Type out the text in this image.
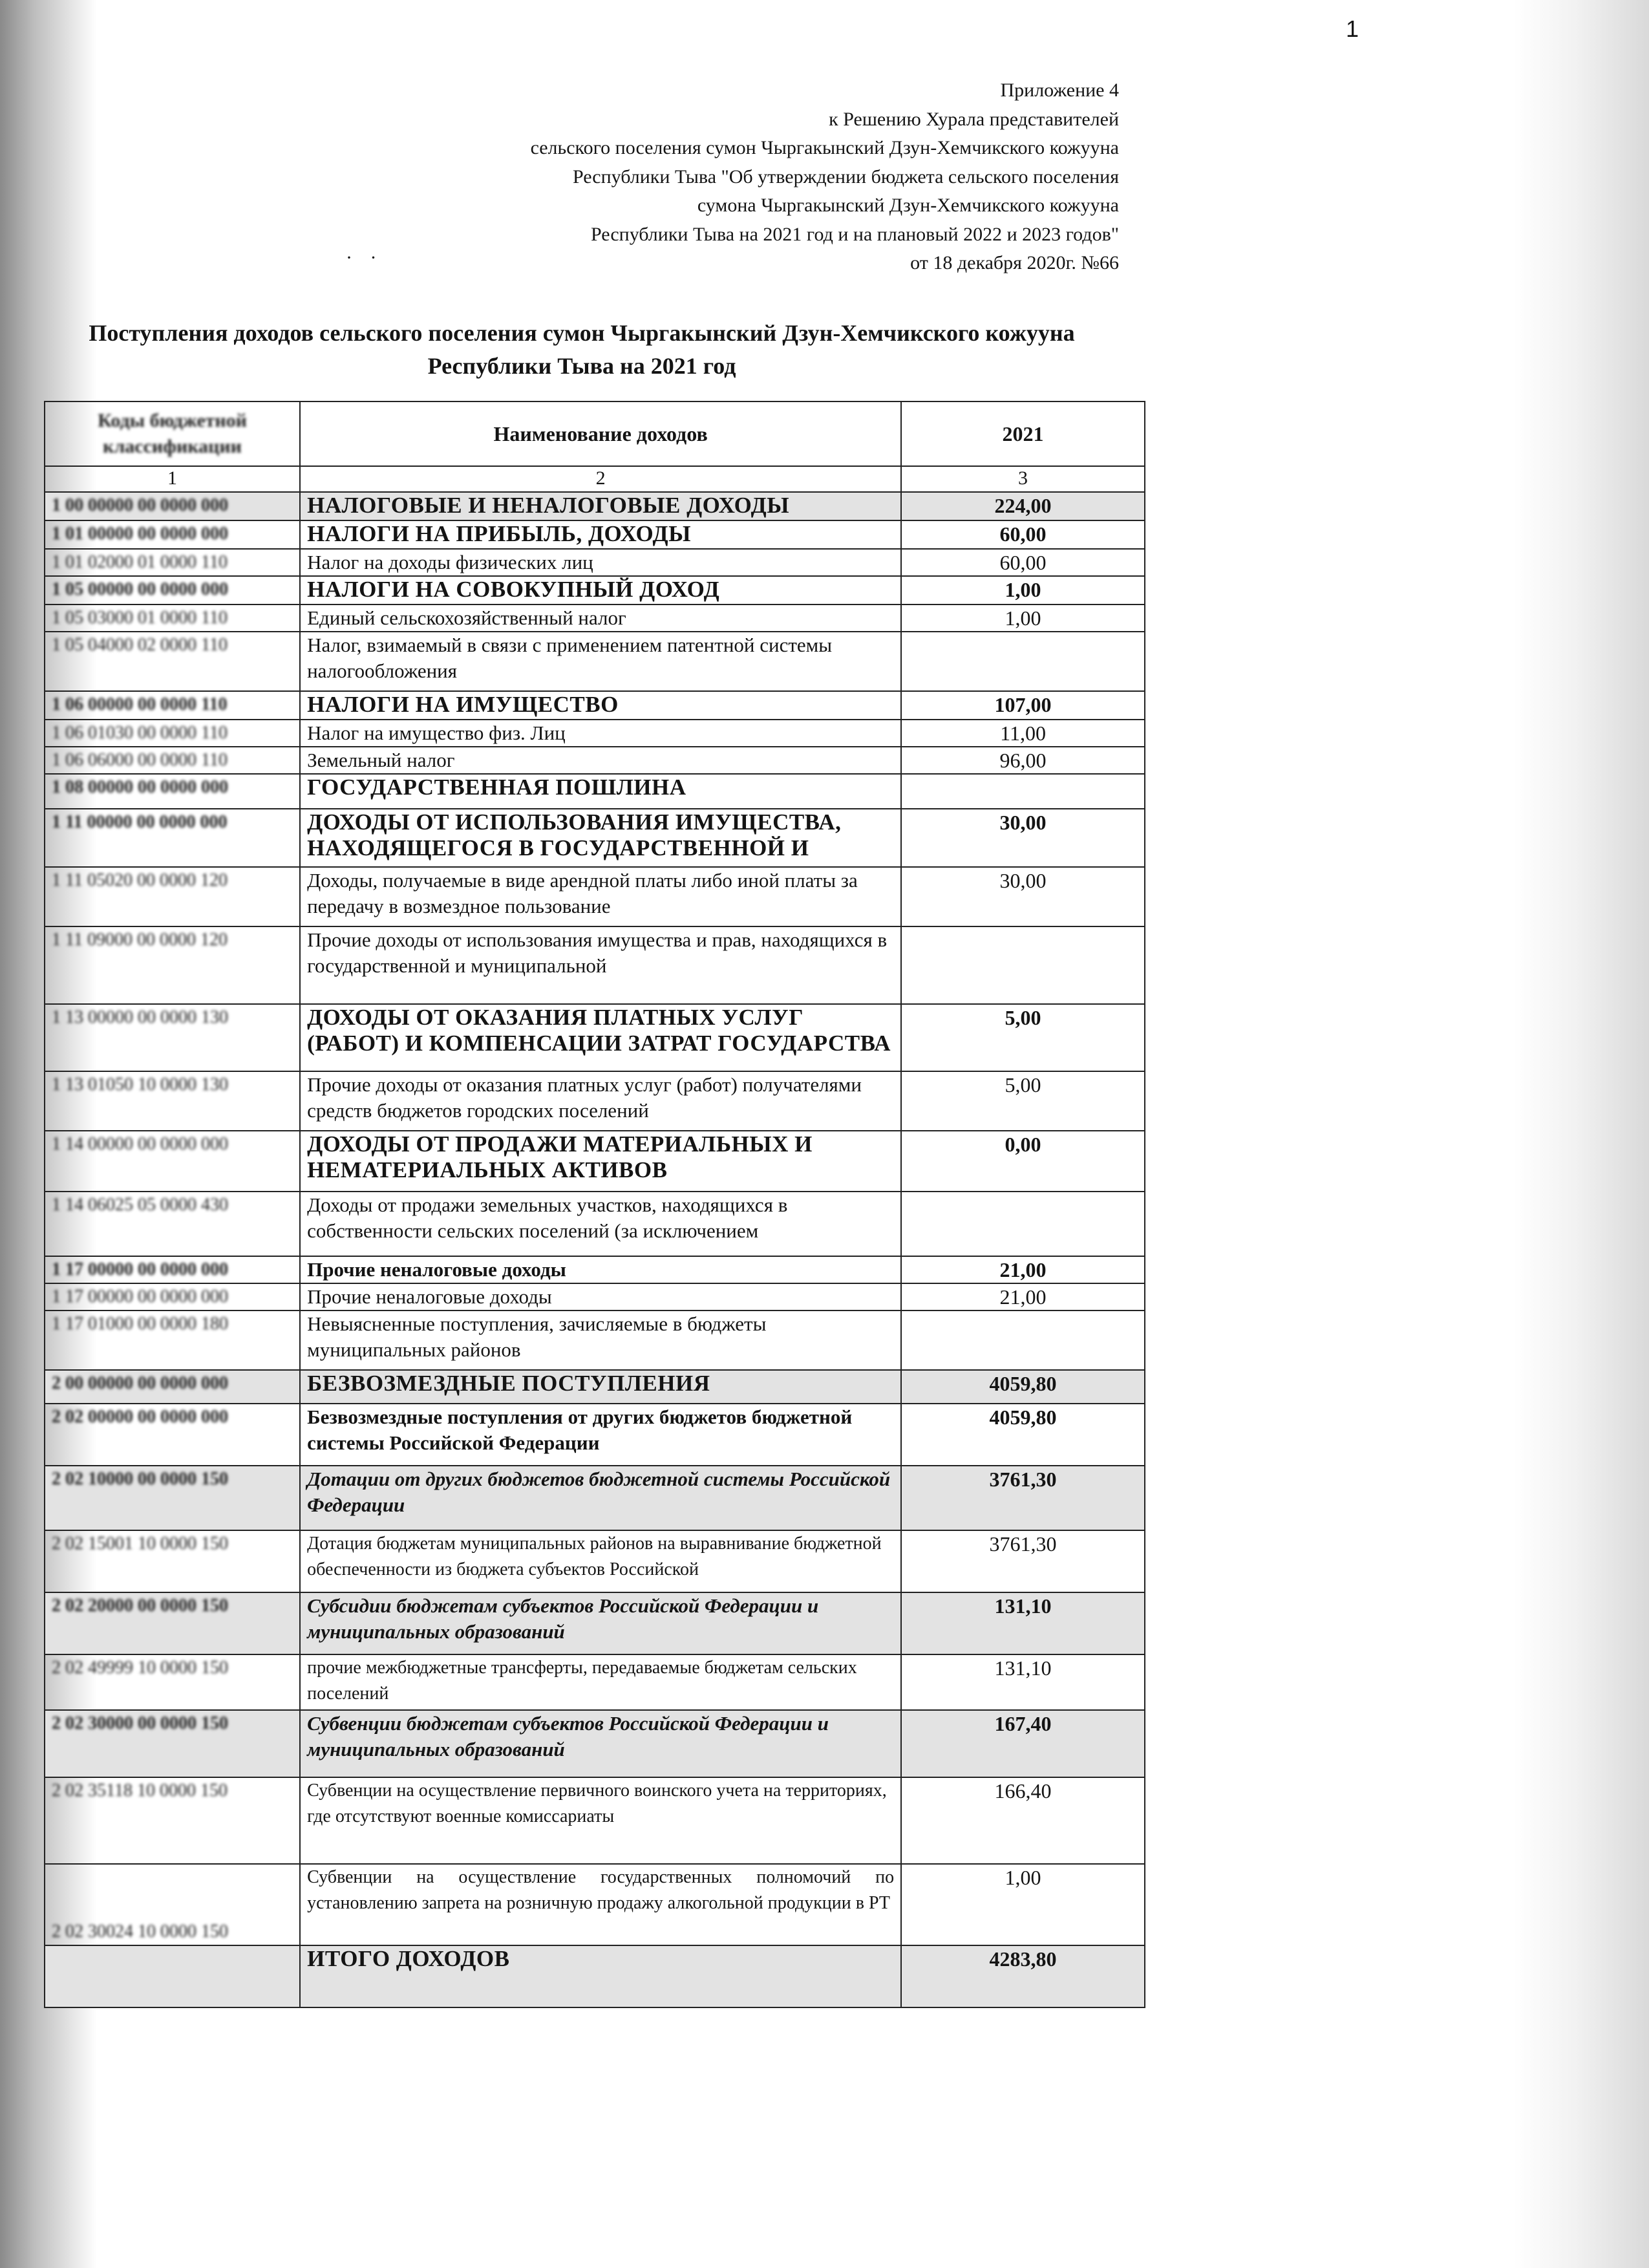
1
Приложение 4
к Решению Хурала представителей
сельского поселения сумон Чыргакынский Дзун-Хемчикского кожууна
Республики Тыва "Об утверждении бюджета сельского поселения
сумона Чыргакынский Дзун-Хемчикского кожууна
Республики Тыва на 2021 год и на плановый 2022 и 2023 годов"
от 18 декабря 2020г. №66
· ·
Поступления доходов сельского поселения сумон Чыргакынский Дзун-Хемчикского кожууна
Республики Тыва на 2021 год
Коды бюджетной классификации	Наименование доходов	2021
1	2	3
1 00 00000 00 0000 000	НАЛОГОВЫЕ И НЕНАЛОГОВЫЕ ДОХОДЫ	224,00
1 01 00000 00 0000 000	НАЛОГИ НА ПРИБЫЛЬ, ДОХОДЫ	60,00
1 01 02000 01 0000 110	Налог на доходы физических лиц	60,00
1 05 00000 00 0000 000	НАЛОГИ НА СОВОКУПНЫЙ ДОХОД	1,00
1 05 03000 01 0000 110	Единый сельскохозяйственный налог	1,00
1 05 04000 02 0000 110	Налог, взимаемый в связи с применением патентной системы налогообложения	
1 06 00000 00 0000 110	НАЛОГИ НА ИМУЩЕСТВО	107,00
1 06 01030 00 0000 110	Налог на имущество физ. Лиц	11,00
1 06 06000 00 0000 110	Земельный налог	96,00
1 08 00000 00 0000 000	ГОСУДАРСТВЕННАЯ ПОШЛИНА	
1 11 00000 00 0000 000	ДОХОДЫ ОТ ИСПОЛЬЗОВАНИЯ ИМУЩЕСТВА, НАХОДЯЩЕГОСЯ В ГОСУДАРСТВЕННОЙ И	30,00
1 11 05020 00 0000 120	Доходы, получаемые в виде арендной платы либо иной платы за передачу в возмездное пользование	30,00
1 11 09000 00 0000 120	Прочие доходы от использования имущества и прав, находящихся в государственной и муниципальной	
1 13 00000 00 0000 130	ДОХОДЫ ОТ ОКАЗАНИЯ ПЛАТНЫХ УСЛУГ (РАБОТ) И КОМПЕНСАЦИИ ЗАТРАТ ГОСУДАРСТВА	5,00
1 13 01050 10 0000 130	Прочие доходы от оказания платных услуг (работ) получателями средств бюджетов городских поселений	5,00
1 14 00000 00 0000 000	ДОХОДЫ ОТ ПРОДАЖИ МАТЕРИАЛЬНЫХ И НЕМАТЕРИАЛЬНЫХ АКТИВОВ	0,00
1 14 06025 05 0000 430	Доходы от продажи земельных участков, находящихся в собственности сельских поселений (за исключением	
1 17 00000 00 0000 000	Прочие неналоговые доходы	21,00
1 17 00000 00 0000 000	Прочие неналоговые доходы	21,00
1 17 01000 00 0000 180	Невыясненные поступления, зачисляемые в бюджеты муниципальных районов	
2 00 00000 00 0000 000	БЕЗВОЗМЕЗДНЫЕ ПОСТУПЛЕНИЯ	4059,80
2 02 00000 00 0000 000	Безвозмездные поступления от других бюджетов бюджетной системы Российской Федерации	4059,80
2 02 10000 00 0000 150	Дотации от других бюджетов бюджетной системы Российской Федерации	3761,30
2 02 15001 10 0000 150	Дотация бюджетам муниципальных районов на выравнивание бюджетной обеспеченности из бюджета субъектов Российской	3761,30
2 02 20000 00 0000 150	Субсидии бюджетам субъектов Российской Федерации и муниципальных образований	131,10
2 02 49999 10 0000 150	прочие межбюджетные трансферты, передаваемые бюджетам сельских поселений	131,10
2 02 30000 00 0000 150	Субвенции бюджетам субъектов Российской Федерации и муниципальных образований	167,40
2 02 35118 10 0000 150	Субвенции на осуществление первичного воинского учета на территориях, где отсутствуют военные комиссариаты	166,40
2 02 30024 10 0000 150	Субвенции на осуществление государственных полномочий по установлению запрета на розничную продажу алкогольной продукции в РТ	1,00
	ИТОГО ДОХОДОВ	4283,80
